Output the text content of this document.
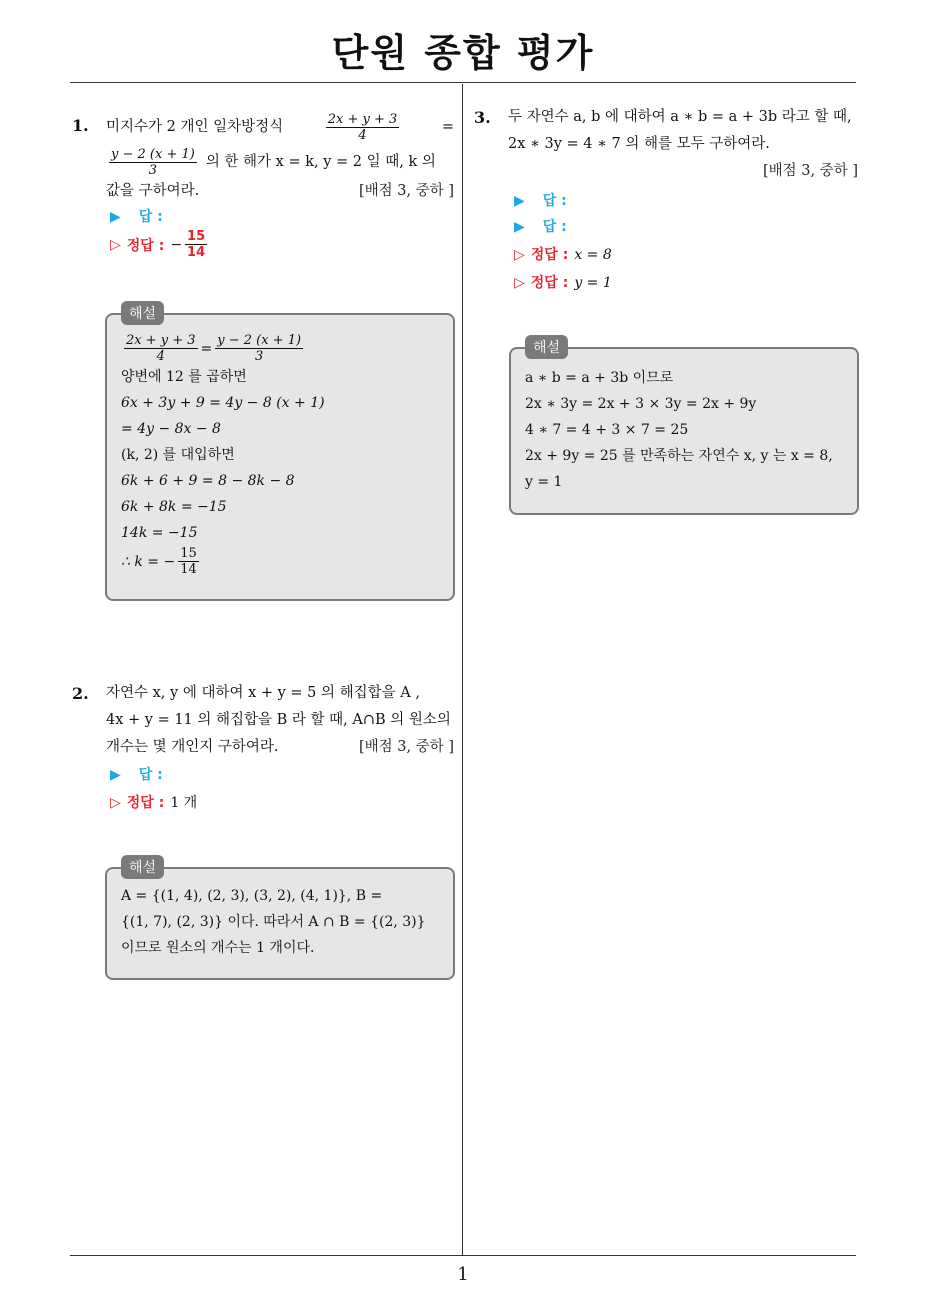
단원 종합 평가
1
1. 미지수가 2 개인 일차방정식	$\frac{2x + y + 3}{4}$	=
$\frac{y - 2 (x + 1)}{3}$ 의 한 해가 x = k, y = 2 일 때, k 의
값을 구하여라.	[배점 3, 중하 ]
▶ 답 :
▷ 정답 : − $\frac{15}{14}$
해설
$\frac{2x + y + 3}{4} = \frac{y - 2 (x + 1)}{3}$
양변에 12 를 곱하면
6x + 3y + 9 = 4y − 8 (x + 1)
= 4y − 8x − 8
(k, 2) 를 대입하면
6k + 6 + 9 = 8 − 8k − 8
6k + 8k = −15
14k = −15
∴ k = − $\frac{15}{14}$
2. 자연수 x, y 에 대하여 x + y = 5 의 해집합을 A ,
4x + y = 11 의 해집합을 B 라 할 때, A∩B 의 원소의
개수는 몇 개인지 구하여라.	[배점 3, 중하 ]
▶ 답 :
▷ 정답 : 1 개
해설
A = {(1, 4), (2, 3), (3, 2), (4, 1)}, B =
{(1, 7), (2, 3)} 이다. 따라서 A ∩ B = {(2, 3)}
이므로 원소의 개수는 1 개이다.
3. 두 자연수 a, b 에 대하여 a ∗ b = a + 3b 라고 할 때,
2x ∗ 3y = 4 ∗ 7 의 해를 모두 구하여라.
[배점 3, 중하 ]
▶ 답 :
▶ 답 :
▷ 정답 : x = 8
▷ 정답 : y = 1
해설
a ∗ b = a + 3b 이므로
2x ∗ 3y = 2x + 3 × 3y = 2x + 9y
4 ∗ 7 = 4 + 3 × 7 = 25
2x + 9y = 25 를 만족하는 자연수 x, y 는 x = 8,
y = 1
